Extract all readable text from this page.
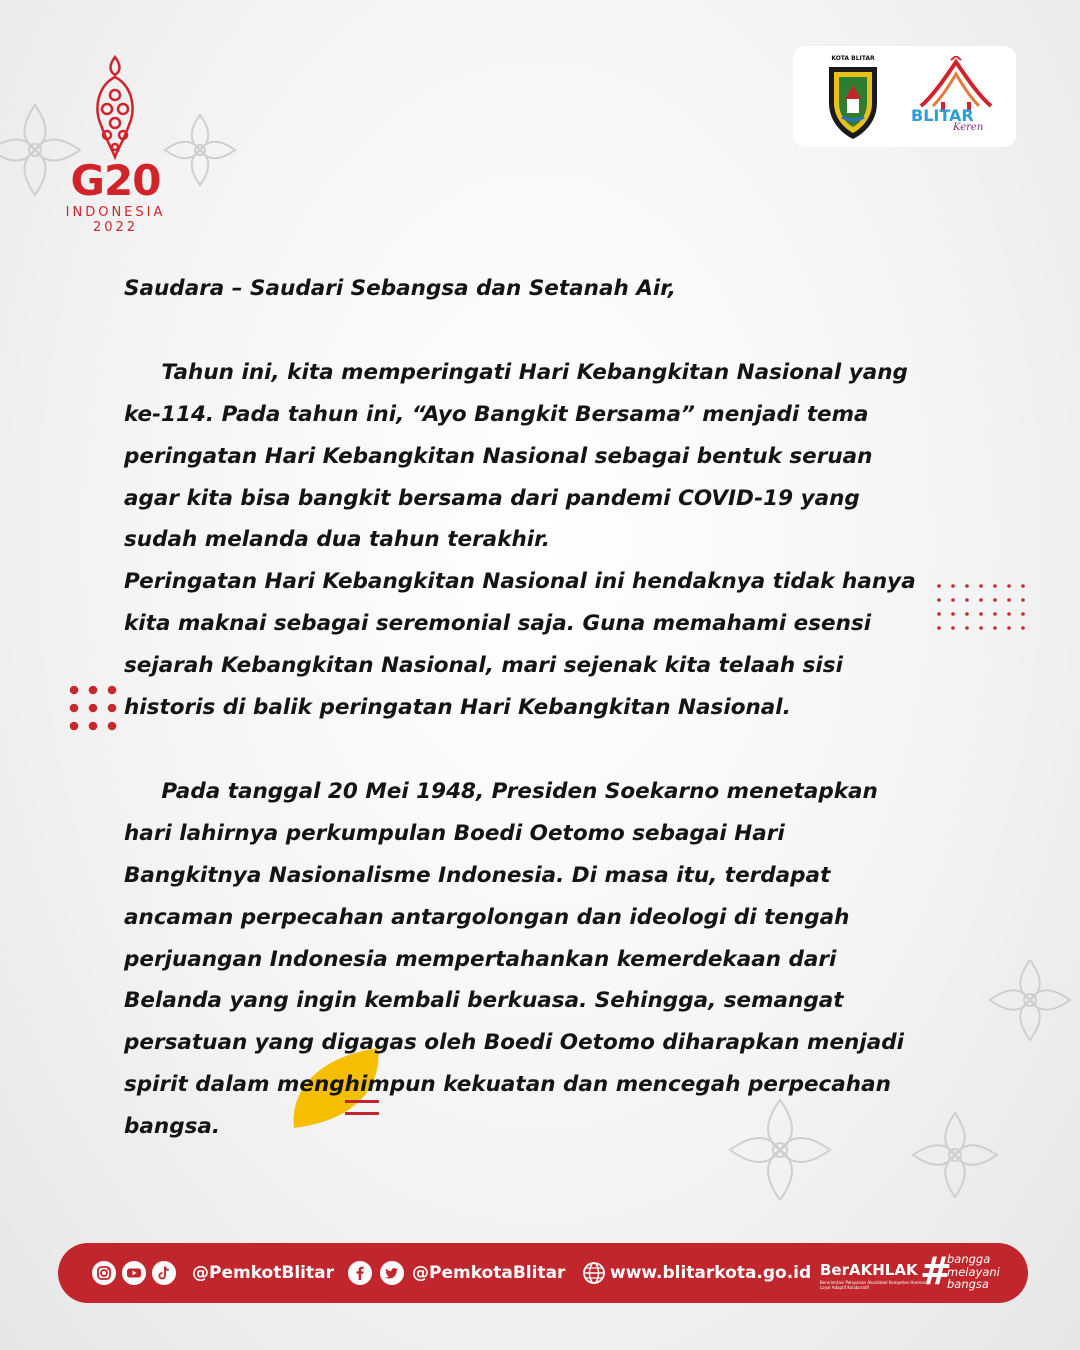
G20
INDONESIA
2022
KOTA BLITAR
BLITAR
Keren

Saudara – Saudari Sebangsa dan Setanah Air,

Tahun ini, kita memperingati Hari Kebangkitan Nasional yang

ke-114. Pada tahun ini, “Ayo Bangkit Bersama” menjadi tema

peringatan Hari Kebangkitan Nasional sebagai bentuk seruan

agar kita bisa bangkit bersama dari pandemi COVID-19 yang

sudah melanda dua tahun terakhir.

Peringatan Hari Kebangkitan Nasional ini hendaknya tidak hanya

kita maknai sebagai seremonial saja. Guna memahami esensi

sejarah Kebangkitan Nasional, mari sejenak kita telaah sisi

historis di balik peringatan Hari Kebangkitan Nasional.

Pada tanggal 20 Mei 1948, Presiden Soekarno menetapkan

hari lahirnya perkumpulan Boedi Oetomo sebagai Hari

Bangkitnya Nasionalisme Indonesia. Di masa itu, terdapat

ancaman perpecahan antargolongan dan ideologi di tengah

perjuangan Indonesia mempertahankan kemerdekaan dari

Belanda yang ingin kembali berkuasa. Sehingga, semangat

persatuan yang digagas oleh Boedi Oetomo diharapkan menjadi

spirit dalam menghimpun kekuatan dan mencegah perpecahan

bangsa.

@PemkotBlitar	@PemkotaBlitar	www.blitarkota.go.id BerAKHLAK
Berorientasi Pelayanan Akuntabel Kompeten Harmonis Loyal Adaptif Kolaboratif	#
bangga
melayani
bangsa
